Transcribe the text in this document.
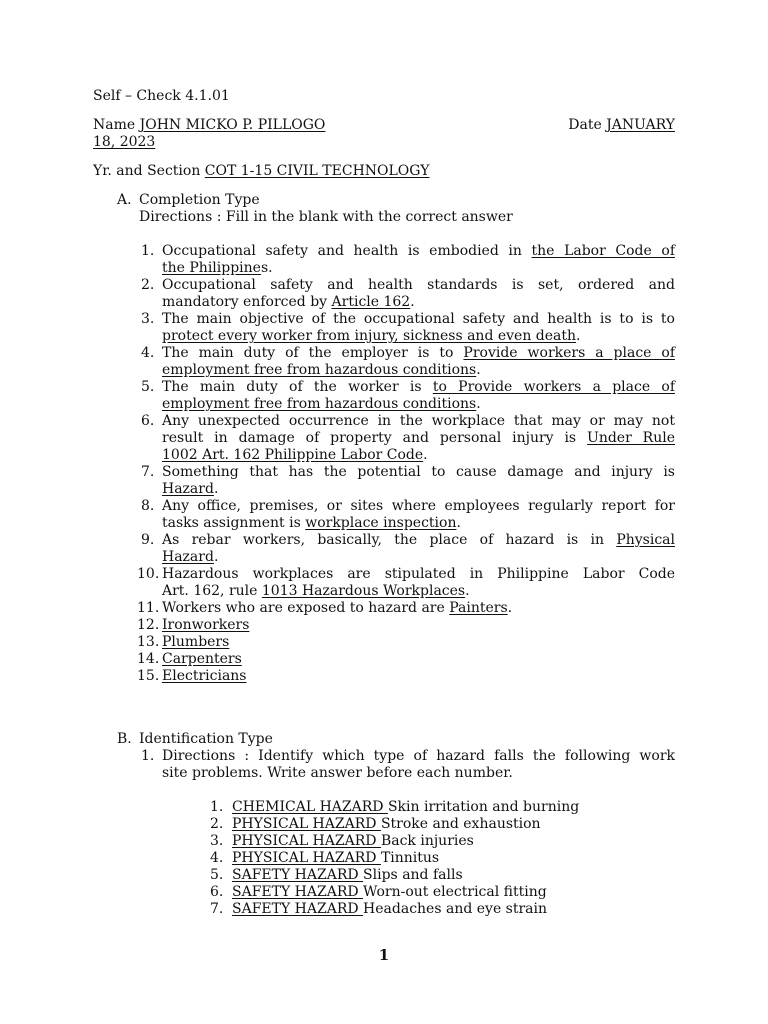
Self – Check 4.1.01
Name JOHN MICKO P. PILLOGO	Date JANUARY
18, 2023
Yr. and Section COT 1-15 CIVIL TECHNOLOGY
A. Completion Type
Directions : Fill in the blank with the correct answer
1. Occupational safety and health is embodied in the Labor Code of
the Philippines.
2. Occupational safety and health standards is set, ordered and
mandatory enforced by Article 162.
3. The main objective of the occupational safety and health is to is to
protect every worker from injury, sickness and even death.
4. The main duty of the employer is to Provide workers a place of
employment free from hazardous conditions.
5. The main duty of the worker is to Provide workers a place of
employment free from hazardous conditions.
6. Any unexpected occurrence in the workplace that may or may not
result in damage of property and personal injury is Under Rule
1002 Art. 162 Philippine Labor Code.
7. Something that has the potential to cause damage and injury is
Hazard.
8. Any office, premises, or sites where employees regularly report for
tasks assignment is workplace inspection.
9. As rebar workers, basically, the place of hazard is in Physical
Hazard.
10. Hazardous workplaces are stipulated in Philippine Labor Code
Art. 162, rule 1013 Hazardous Workplaces.
11. Workers who are exposed to hazard are Painters.
12. Ironworkers
13. Plumbers
14. Carpenters
15. Electricians
B. Identification Type
1. Directions : Identify which type of hazard falls the following work
site problems. Write answer before each number.
1. CHEMICAL HAZARD Skin irritation and burning
2. PHYSICAL HAZARD Stroke and exhaustion
3. PHYSICAL HAZARD Back injuries
4. PHYSICAL HAZARD Tinnitus
5. SAFETY HAZARD Slips and falls
6. SAFETY HAZARD Worn-out electrical fitting
7. SAFETY HAZARD Headaches and eye strain
1
